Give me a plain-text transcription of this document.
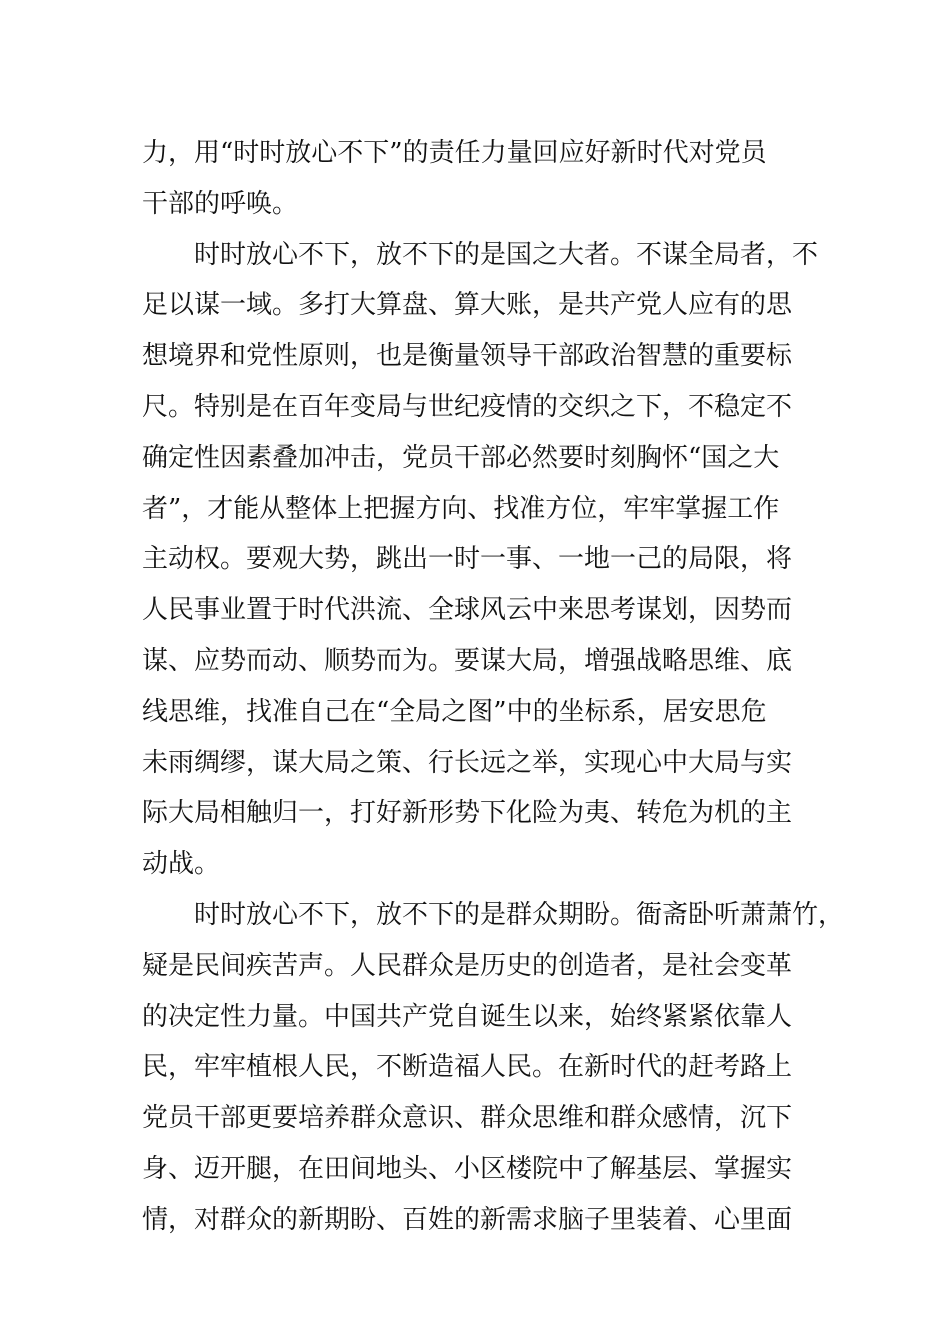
力，用“时时放心不下”的责任力量回应好新时代对党员
干部的呼唤。
　　时时放心不下，放不下的是国之大者。不谋全局者，不
足以谋一域。多打大算盘、算大账，是共产党人应有的思
想境界和党性原则，也是衡量领导干部政治智慧的重要标
尺。特别是在百年变局与世纪疫情的交织之下，不稳定不
确定性因素叠加冲击，党员干部必然要时刻胸怀“国之大
者”，才能从整体上把握方向、找准方位，牢牢掌握工作
主动权。要观大势，跳出一时一事、一地一己的局限，将
人民事业置于时代洪流、全球风云中来思考谋划，因势而
谋、应势而动、顺势而为。要谋大局，增强战略思维、底
线思维，找准自己在“全局之图”中的坐标系，居安思危
未雨绸缪，谋大局之策、行长远之举，实现心中大局与实
际大局相触归一，打好新形势下化险为夷、转危为机的主
动战。
　　时时放心不下，放不下的是群众期盼。衙斋卧听萧萧竹，
疑是民间疾苦声。人民群众是历史的创造者，是社会变革
的决定性力量。中国共产党自诞生以来，始终紧紧依靠人
民，牢牢植根人民，不断造福人民。在新时代的赶考路上
党员干部更要培养群众意识、群众思维和群众感情，沉下
身、迈开腿，在田间地头、小区楼院中了解基层、掌握实
情，对群众的新期盼、百姓的新需求脑子里装着、心里面
